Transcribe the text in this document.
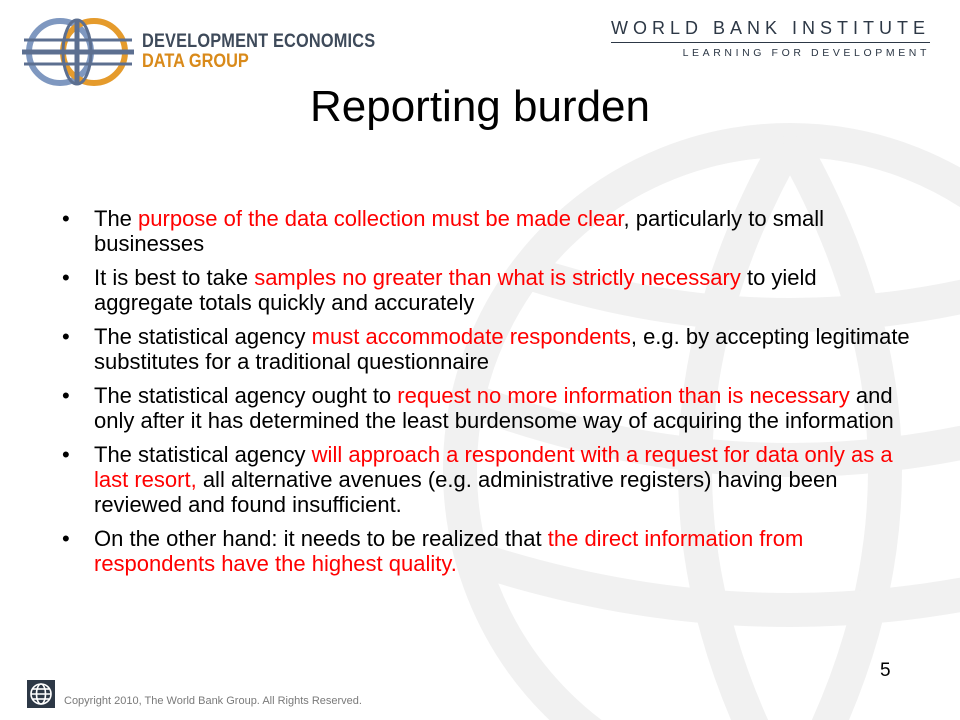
DEVELOPMENT ECONOMICS
DATA GROUP
WORLD BANK INSTITUTE
LEARNING FOR DEVELOPMENT
Reporting burden
• The purpose of the data collection must be made clear, particularly to small businesses
• It is best to take samples no greater than what is strictly necessary to yield aggregate totals quickly and accurately
• The statistical agency must accommodate respondents, e.g. by accepting legitimate substitutes for a traditional questionnaire
• The statistical agency ought to request no more information than is necessary and only after it has determined the least burdensome way of acquiring the information
• The statistical agency will approach a respondent with a request for data only as a last resort, all alternative avenues (e.g. administrative registers) having been reviewed and found insufficient.
• On the other hand: it needs to be realized that the direct information from respondents have the highest quality.
5
Copyright 2010, The World Bank Group. All Rights Reserved.
